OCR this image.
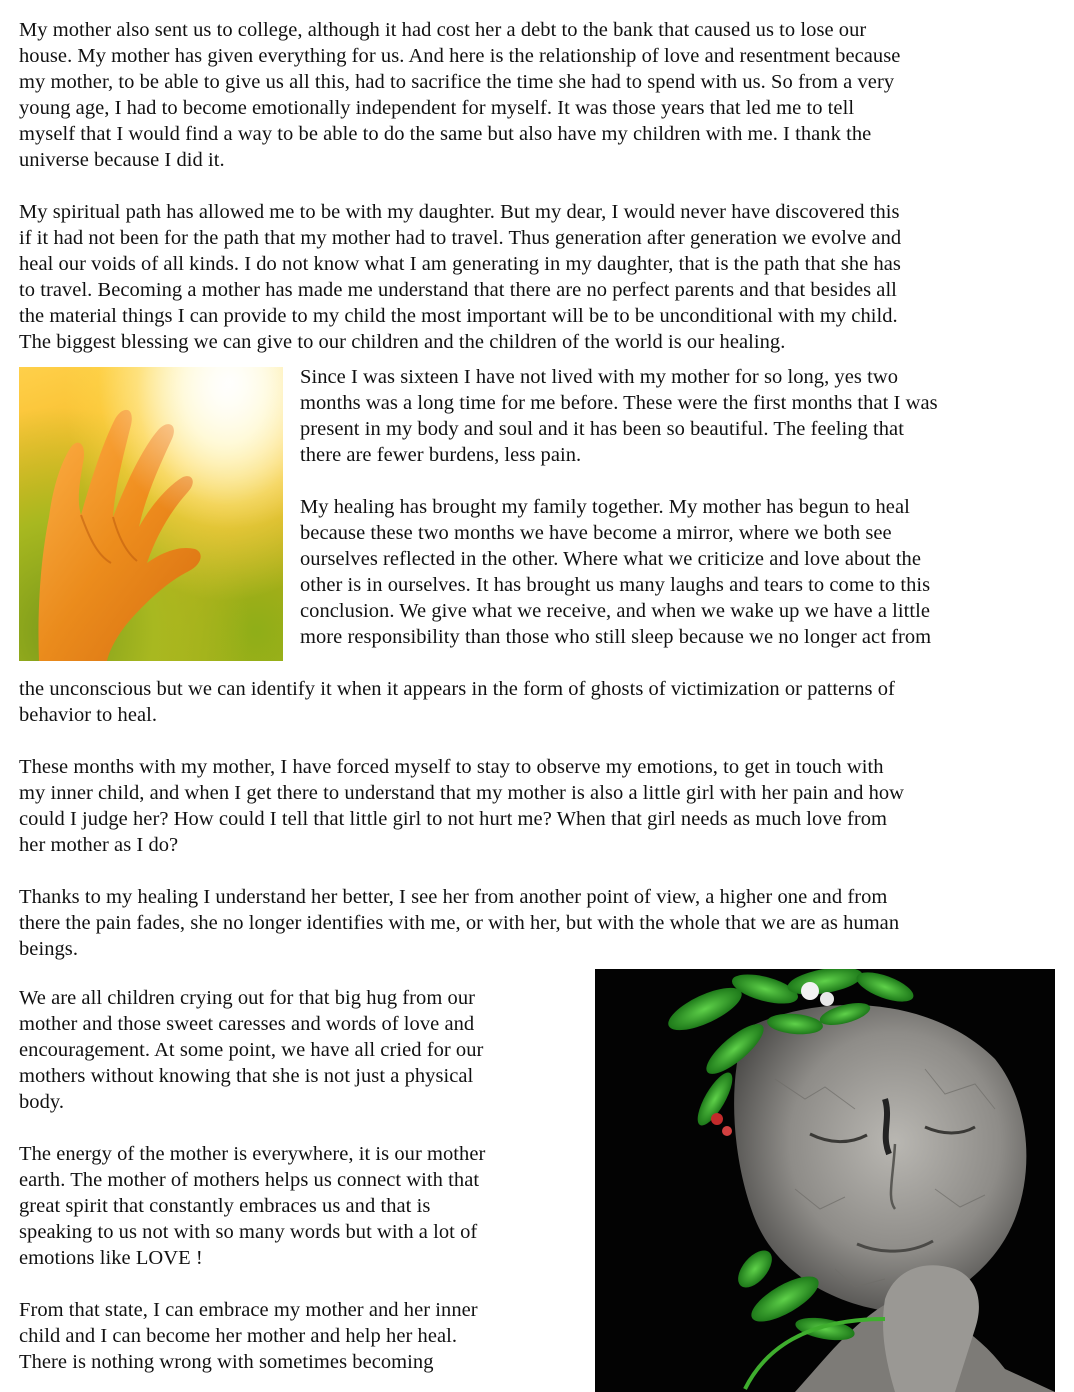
My mother also sent us to college, although it had cost her a debt to the bank that caused us to lose our
house. My mother has given everything for us. And here is the relationship of love and resentment because
my mother, to be able to give us all this, had to sacrifice the time she had to spend with us. So from a very
young age, I had to become emotionally independent for myself. It was those years that led me to tell
myself that I would find a way to be able to do the same but also have my children with me. I thank the
universe because I did it.

My spiritual path has allowed me to be with my daughter. But my dear, I would never have discovered this
if it had not been for the path that my mother had to travel. Thus generation after generation we evolve and
heal our voids of all kinds. I do not know what I am generating in my daughter, that is the path that she has
to travel. Becoming a mother has made me understand that there are no perfect parents and that besides all
the material things I can provide to my child the most important will be to be unconditional with my child.
The biggest blessing we can give to our children and the children of the world is our healing.

Since I was sixteen I have not lived with my mother for so long, yes two
months was a long time for me before. These were the first months that I was
present in my body and soul and it has been so beautiful. The feeling that
there are fewer burdens, less pain.

My healing has brought my family together. My mother has begun to heal
because these two months we have become a mirror, where we both see
ourselves reflected in the other. Where what we criticize and love about the
other is in ourselves. It has brought us many laughs and tears to come to this
conclusion. We give what we receive, and when we wake up we have a little
more responsibility than those who still sleep because we no longer act from

the unconscious but we can identify it when it appears in the form of ghosts of victimization or patterns of
behavior to heal.

These months with my mother, I have forced myself to stay to observe my emotions, to get in touch with
my inner child, and when I get there to understand that my mother is also a little girl with her pain and how
could I judge her? How could I tell that little girl to not hurt me? When that girl needs as much love from
her mother as I do?

Thanks to my healing I understand her better, I see her from another point of view, a higher one and from
there the pain fades, she no longer identifies with me, or with her, but with the whole that we are as human
beings.

We are all children crying out for that big hug from our
mother and those sweet caresses and words of love and
encouragement. At some point, we have all cried for our
mothers without knowing that she is not just a physical
body.

The energy of the mother is everywhere, it is our mother
earth. The mother of mothers helps us connect with that
great spirit that constantly embraces us and that is
speaking to us not with so many words but with a lot of
emotions like LOVE !

From that state, I can embrace my mother and her inner
child and I can become her mother and help her heal.
There is nothing wrong with sometimes becoming
